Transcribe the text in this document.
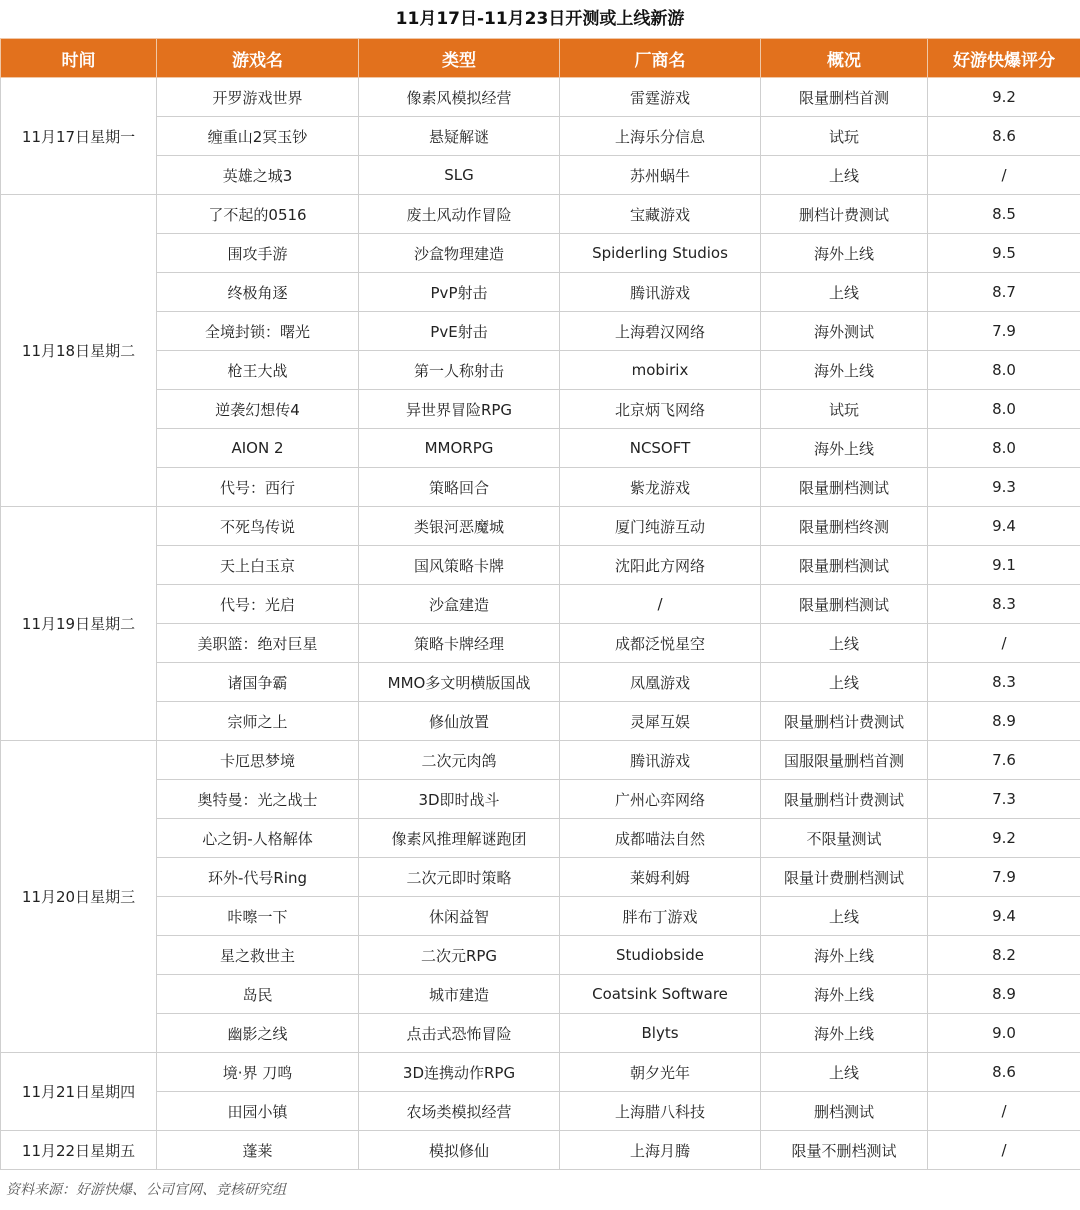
11月17日-11月23日开测或上线新游
时间	游戏名	类型	厂商名	概况	好游快爆评分
11月17日星期一	开罗游戏世界	像素风模拟经营	雷霆游戏	限量删档首测	9.2
	缠重山2冥玉钞	悬疑解谜	上海乐分信息	试玩	8.6
	英雄之城3	SLG	苏州蜗牛	上线	/
11月18日星期二	了不起的0516	废土风动作冒险	宝藏游戏	删档计费测试	8.5
	围攻手游	沙盒物理建造	Spiderling Studios	海外上线	9.5
	终极角逐	PvP射击	腾讯游戏	上线	8.7
	全境封锁：曙光	PvE射击	上海碧汉网络	海外测试	7.9
	枪王大战	第一人称射击	mobirix	海外上线	8.0
	逆袭幻想传4	异世界冒险RPG	北京炳飞网络	试玩	8.0
	AION 2	MMORPG	NCSOFT	海外上线	8.0
	代号：西行	策略回合	紫龙游戏	限量删档测试	9.3
11月19日星期二	不死鸟传说	类银河恶魔城	厦门纯游互动	限量删档终测	9.4
	天上白玉京	国风策略卡牌	沈阳此方网络	限量删档测试	9.1
	代号：光启	沙盒建造	/	限量删档测试	8.3
	美职篮：绝对巨星	策略卡牌经理	成都泛悦星空	上线	/
	诸国争霸	MMO多文明横版国战	凤凰游戏	上线	8.3
	宗师之上	修仙放置	灵犀互娱	限量删档计费测试	8.9
11月20日星期三	卡厄思梦境	二次元肉鸽	腾讯游戏	国服限量删档首测	7.6
	奥特曼：光之战士	3D即时战斗	广州心弈网络	限量删档计费测试	7.3
	心之钥-人格解体	像素风推理解谜跑团	成都喵法自然	不限量测试	9.2
	环外-代号Ring	二次元即时策略	莱姆利姆	限量计费删档测试	7.9
	咔嚓一下	休闲益智	胖布丁游戏	上线	9.4
	星之救世主	二次元RPG	Studiobside	海外上线	8.2
	岛民	城市建造	Coatsink Software	海外上线	8.9
	幽影之线	点击式恐怖冒险	Blyts	海外上线	9.0
11月21日星期四	境·界 刀鸣	3D连携动作RPG	朝夕光年	上线	8.6
	田园小镇	农场类模拟经营	上海腊八科技	删档测试	/
11月22日星期五	蓬莱	模拟修仙	上海月腾	限量不删档测试	/
资料来源：好游快爆、公司官网、竞核研究组
